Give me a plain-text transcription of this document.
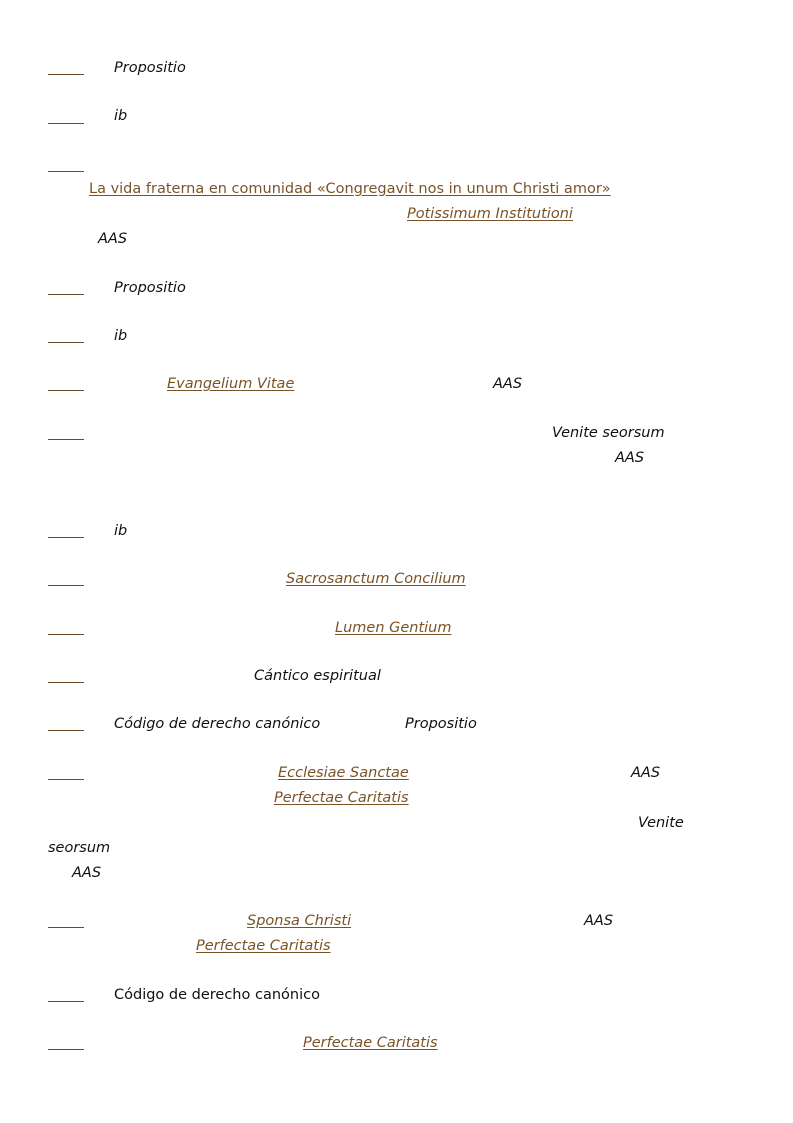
Propositio
ib
La vida fraterna en comunidad «Congregavit nos in unum Christi amor»
Potissimum Institutioni
AAS
Propositio
ib
Evangelium Vitae	AAS
Venite seorsum
AAS
ib
Sacrosanctum Concilium
Lumen Gentium
Cántico espiritual
Código de derecho canónico	Propositio
Ecclesiae Sanctae	AAS
Perfectae Caritatis
Venite
seorsum
AAS
Sponsa Christi	AAS
Perfectae Caritatis
Código de derecho canónico
Perfectae Caritatis
